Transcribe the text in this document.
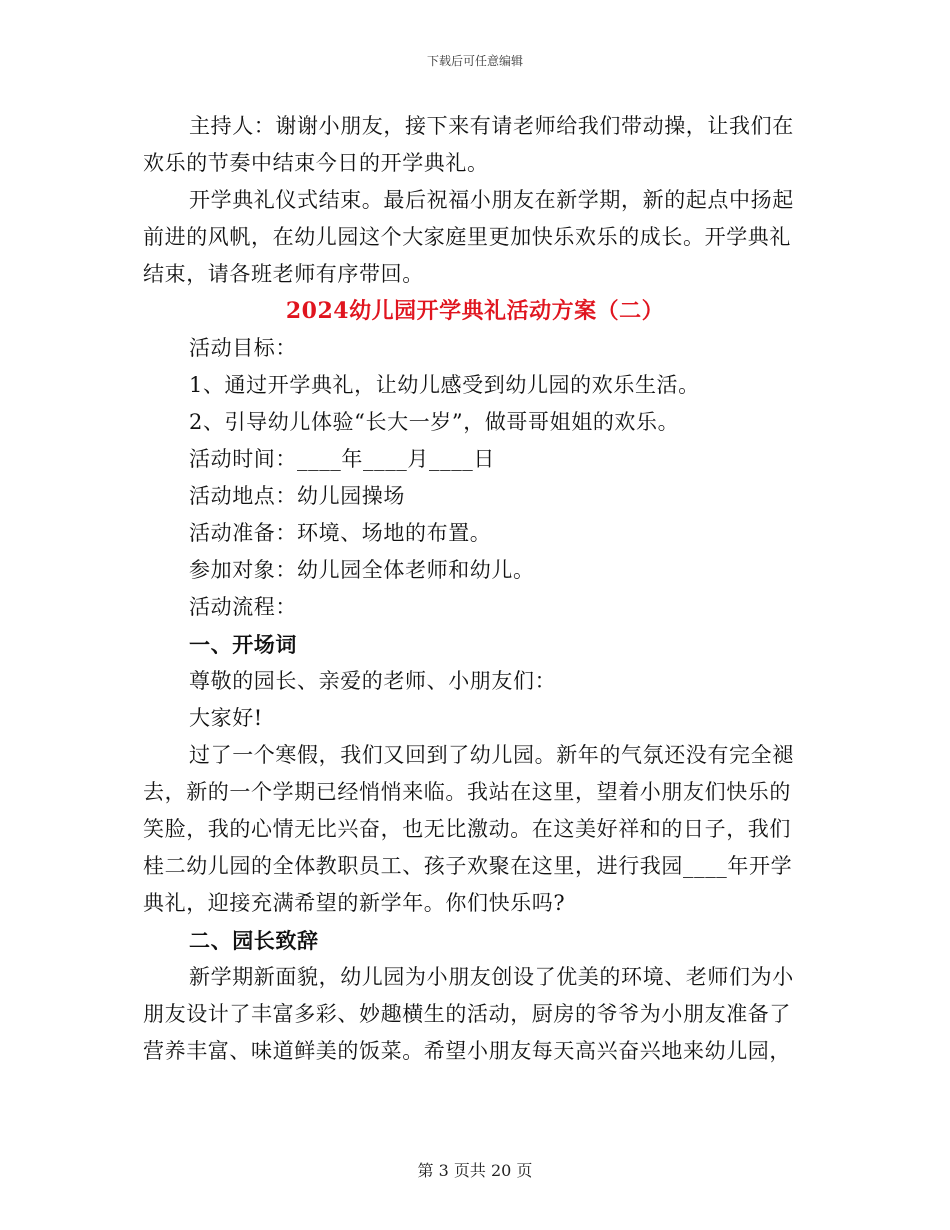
下载后可任意编辑
主持人：谢谢小朋友，接下来有请老师给我们带动操，让我们在
欢乐的节奏中结束今日的开学典礼。
开学典礼仪式结束。最后祝福小朋友在新学期，新的起点中扬起
前进的风帆，在幼儿园这个大家庭里更加快乐欢乐的成长。开学典礼
结束，请各班老师有序带回。
2024幼儿园开学典礼活动方案（二）
活动目标：
1、通过开学典礼，让幼儿感受到幼儿园的欢乐生活。
2、引导幼儿体验“长大一岁”，做哥哥姐姐的欢乐。
活动时间：____年____月____日
活动地点：幼儿园操场
活动准备：环境、场地的布置。
参加对象：幼儿园全体老师和幼儿。
活动流程：
一、开场词
尊敬的园长、亲爱的老师、小朋友们：
大家好!
过了一个寒假，我们又回到了幼儿园。新年的气氛还没有完全褪
去，新的一个学期已经悄悄来临。我站在这里，望着小朋友们快乐的
笑脸，我的心情无比兴奋，也无比激动。在这美好祥和的日子，我们
桂二幼儿园的全体教职员工、孩子欢聚在这里，进行我园____年开学
典礼，迎接充满希望的新学年。你们快乐吗?
二、园长致辞
新学期新面貌，幼儿园为小朋友创设了优美的环境、老师们为小
朋友设计了丰富多彩、妙趣横生的活动，厨房的爷爷为小朋友准备了
营养丰富、味道鲜美的饭菜。希望小朋友每天高兴奋兴地来幼儿园，
第 3 页共 20 页
